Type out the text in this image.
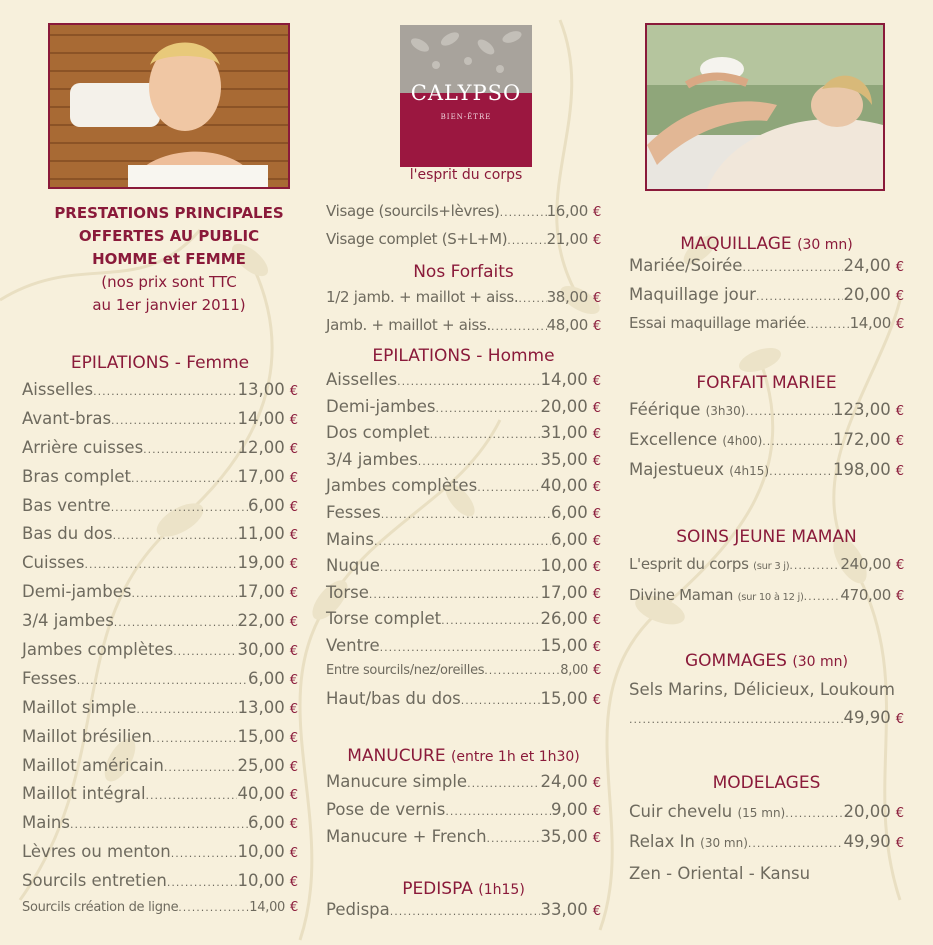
PRESTATIONS PRINCIPALES
OFFERTES AU PUBLIC
HOMME et FEMME
(nos prix sont TTC
au 1er janvier 2011)
EPILATIONS - Femme
Aisselles .....	13,00 €
Avant-bras .....	14,00 €
Arrière cuisses .....	12,00 €
Bras complet .....	17,00 €
Bas ventre .....	6,00 €
Bas du dos .....	11,00 €
Cuisses .....	19,00 €
Demi-jambes .....	17,00 €
3/4 jambes .....	22,00 €
Jambes complètes .....	30,00 €
Fesses .....	6,00 €
Maillot simple .....	13,00 €
Maillot brésilien .....	15,00 €
Maillot américain .....	25,00 €
Maillot intégral .....	40,00 €
Mains .....	6,00 €
Lèvres ou menton .....	10,00 €
Sourcils entretien .....	10,00 €
Sourcils création de ligne .....	14,00 €
CALYPSO
BIEN-ÊTRE
l'esprit du corps
Visage (sourcils+lèvres) .....	16,00 €
Visage complet (S+L+M) .....	21,00 €
Nos Forfaits
1/2 jamb. + maillot + aiss. ..... 38,00 €
Jamb. + maillot + aiss. .....	48,00 €
EPILATIONS - Homme
Aisselles .....	14,00 €
Demi-jambes .....	20,00 €
Dos complet .....	31,00 €
3/4 jambes .....	35,00 €
Jambes complètes .....	40,00 €
Fesses .....	6,00 €
Mains .....	6,00 €
Nuque .....	10,00 €
Torse .....	17,00 €
Torse complet .....	26,00 €
Ventre .....	15,00 €
Entre sourcils/nez/oreilles .....	8,00 €
Haut/bas du dos .....	15,00 €
MANUCURE (entre 1h et 1h30)
Manucure simple .....	24,00 €
Pose de vernis .....	9,00 €
Manucure + French .....	35,00 €
PEDISPA (1h15)
Pedispa .....	33,00 €
MAQUILLAGE (30 mn)
Mariée/Soirée .....	24,00 €
Maquillage jour .....	20,00 €
Essai maquillage mariée .....	14,00 €
FORFAIT MARIEE
Féérique
(3h30) .....	123,00 €
Excellence
(4h00) .....	172,00 €
Majestueux
(4h15) .....	198,00 €
SOINS JEUNE MAMAN
L'esprit du corps
(sur 3 j) .....	240,00 €
Divine Maman
(sur 10 à 12 j) ..... 470,00 €
GOMMAGES (30 mn)
Sels Marins, Délicieux, Loukoum
.....
49,90 €
MODELAGES
Cuir chevelu
(15 mn) .....	20,00 €
Relax In
(30 mn) .....	49,90 €
Zen - Oriental - Kansu
